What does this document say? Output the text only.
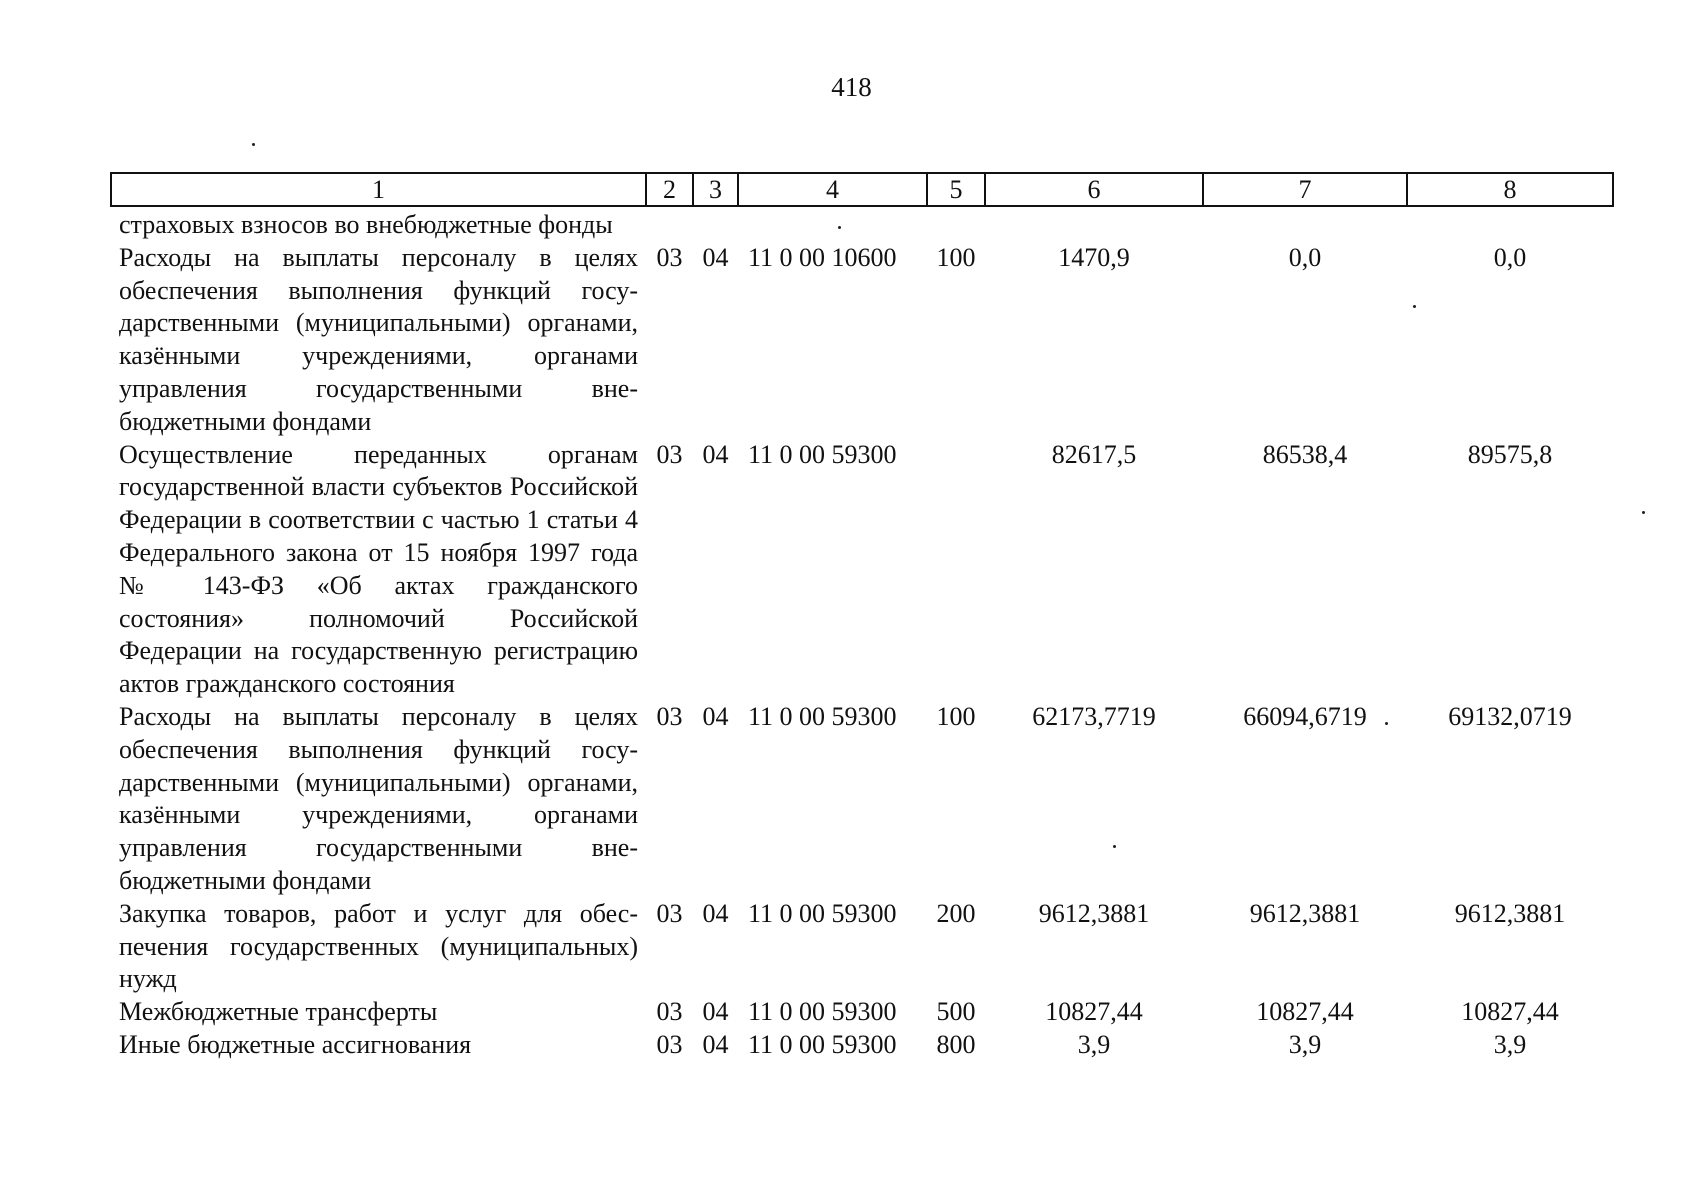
418
1	2	3	4	5	6	7	8
страховых взносов во внебюджетные фонды							
Расходы на выплаты персоналу в целях обеспечения выполнения функций государственными (муниципальными) органами, казёнными учреждениями, органами управления государственными внебюджетными фондами	03	04	11 0 00 10600	100	1470,9	0,0	0,0
Осуществление переданных органам государственной власти субъектов Российской Федерации в соответствии с частью 1 статьи 4 Федерального закона от 15 ноября 1997 года № 143-ФЗ «Об актах гражданского состояния» полномочий Российской Федерации на государственную регистрацию актов гражданского состояния	03	04	11 0 00 59300		82617,5	86538,4	89575,8
Расходы на выплаты персоналу в целях обеспечения выполнения функций государственными (муниципальными) органами, казёнными учреждениями, органами управления государственными внебюджетными фондами	03	04	11 0 00 59300	100	62173,7719	66094,6719	69132,0719
Закупка товаров, работ и услуг для обеспечения государственных (муниципальных) нужд	03	04	11 0 00 59300	200	9612,3881	9612,3881	9612,3881
Межбюджетные трансферты	03	04	11 0 00 59300	500	10827,44	10827,44	10827,44
Иные бюджетные ассигнования	03	04	11 0 00 59300	800	3,9	3,9	3,9
